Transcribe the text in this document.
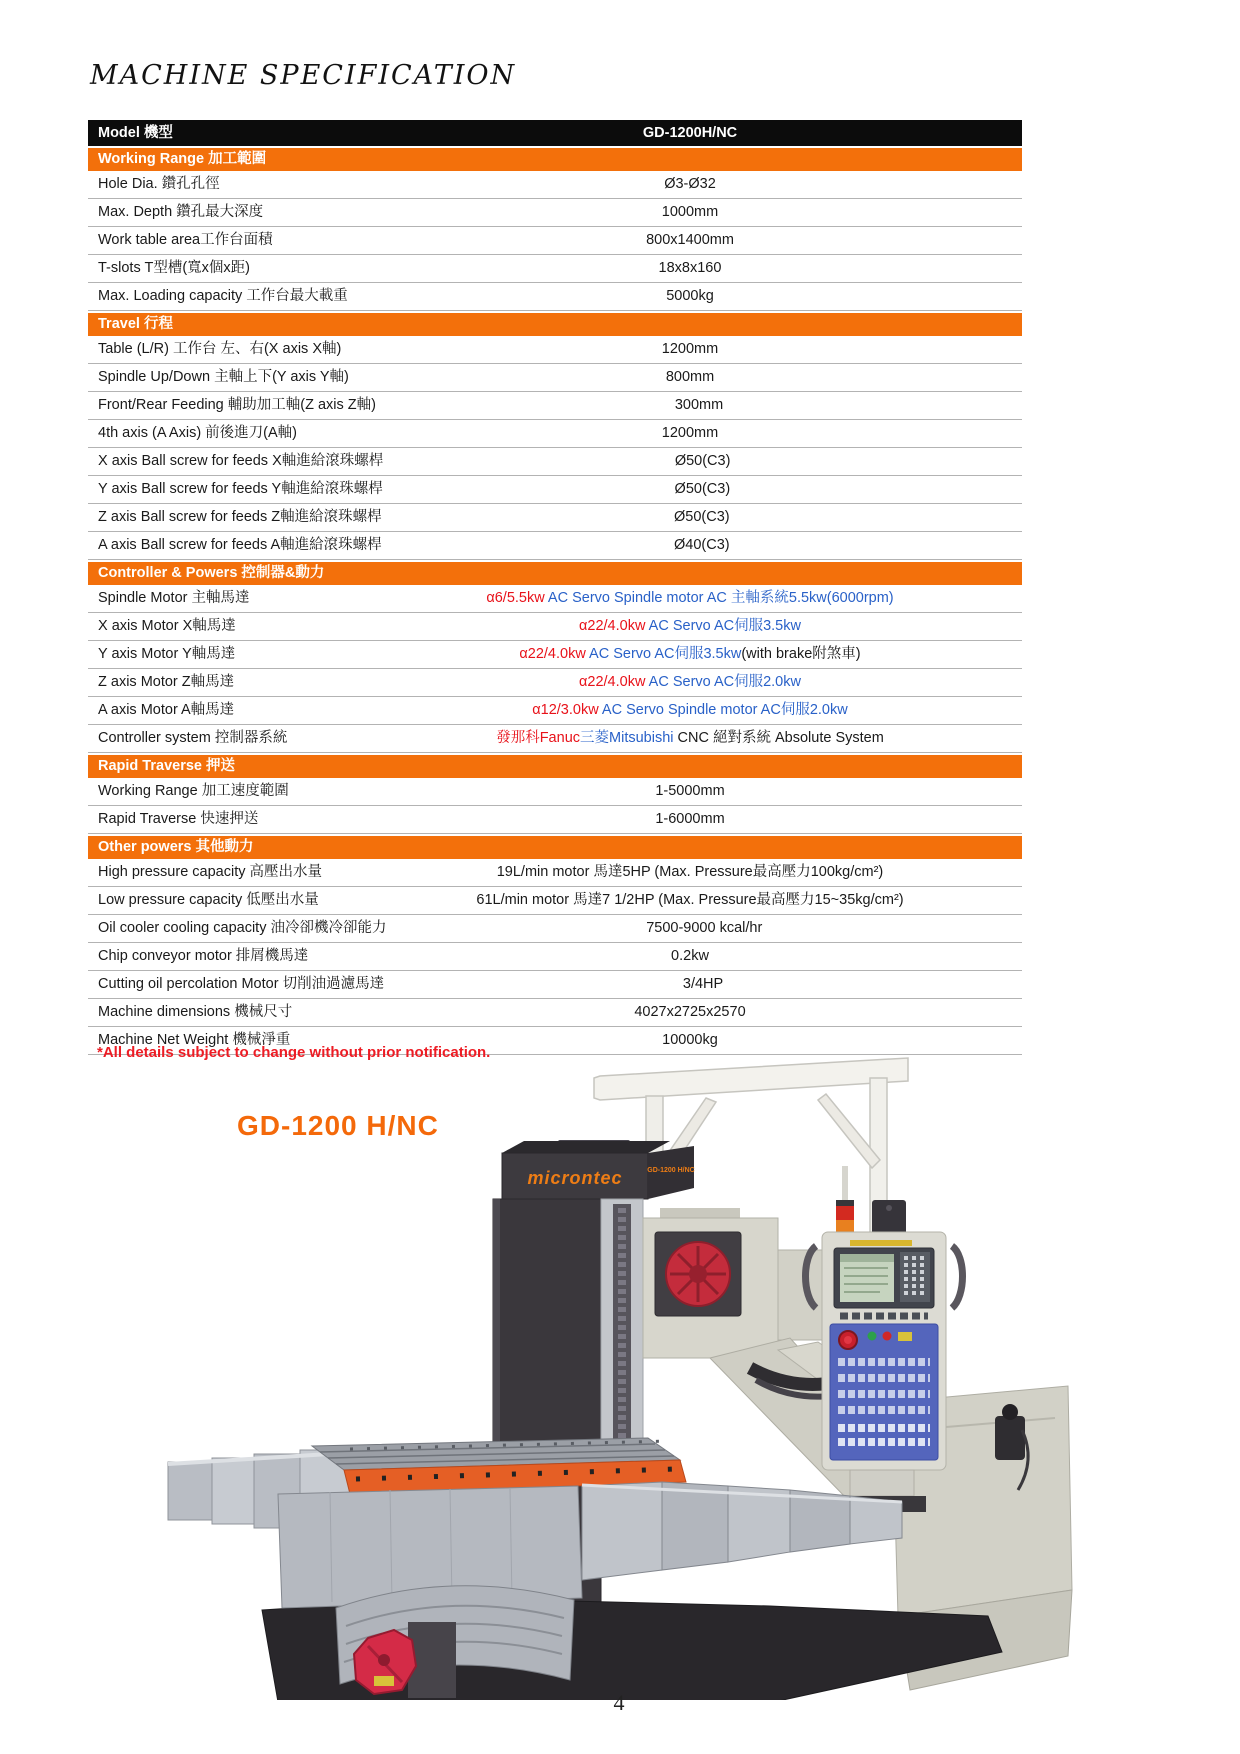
MACHINE SPECIFICATION
Model 機型	GD-1200H/NC
Working Range 加工範圍
Hole Dia. 鑽孔孔徑	Ø3-Ø32
Max. Depth 鑽孔最大深度	1000mm
Work table area工作台面積	800x1400mm
T-slots T型槽(寬x個x距)	18x8x160
Max. Loading capacity 工作台最大載重	5000kg
Travel 行程
Table (L/R) 工作台 左、右(X axis X軸)	1200mm
Spindle Up/Down 主軸上下(Y axis Y軸)	800mm
Front/Rear Feeding 輔助加工軸(Z axis Z軸)	300mm
4th axis (A Axis) 前後進刀(A軸)	1200mm
X axis Ball screw for feeds X軸進給滾珠螺桿	Ø50(C3)
Y axis Ball screw for feeds Y軸進給滾珠螺桿	Ø50(C3)
Z axis Ball screw for feeds Z軸進給滾珠螺桿	Ø50(C3)
A axis Ball screw for feeds A軸進給滾珠螺桿	Ø40(C3)
Controller & Powers 控制器&動力
Spindle Motor 主軸馬達	α6/5.5kw AC Servo Spindle motor AC 主軸系統5.5kw(6000rpm)
X axis Motor X軸馬達	α22/4.0kw AC Servo AC伺服3.5kw
Y axis Motor Y軸馬達	α22/4.0kw AC Servo AC伺服3.5kw(with brake附煞車)
Z axis Motor Z軸馬達	α22/4.0kw AC Servo AC伺服2.0kw
A axis Motor A軸馬達	α12/3.0kw AC Servo Spindle motor AC伺服2.0kw
Controller system 控制器系統	發那科Fanuc三菱Mitsubishi CNC 絕對系統 Absolute System
Rapid Traverse 押送
Working Range 加工速度範圍	1-5000mm
Rapid Traverse 快速押送	1-6000mm
Other powers 其他動力
High pressure capacity 高壓出水量	19L/min motor 馬達5HP (Max. Pressure最高壓力100kg/cm²)
Low pressure capacity 低壓出水量	61L/min motor 馬達7 1/2HP (Max. Pressure最高壓力15~35kg/cm²)
Oil cooler cooling capacity 油冷卻機冷卻能力	7500-9000 kcal/hr
Chip conveyor motor 排屑機馬達	0.2kw
Cutting oil percolation Motor 切削油過濾馬達	3/4HP
Machine dimensions 機械尺寸	4027x2725x2570
Machine Net Weight 機械淨重	10000kg
*All details subject to change without prior notification.
GD-1200 H/NC
microntec	GD-1200 H/NC
4
